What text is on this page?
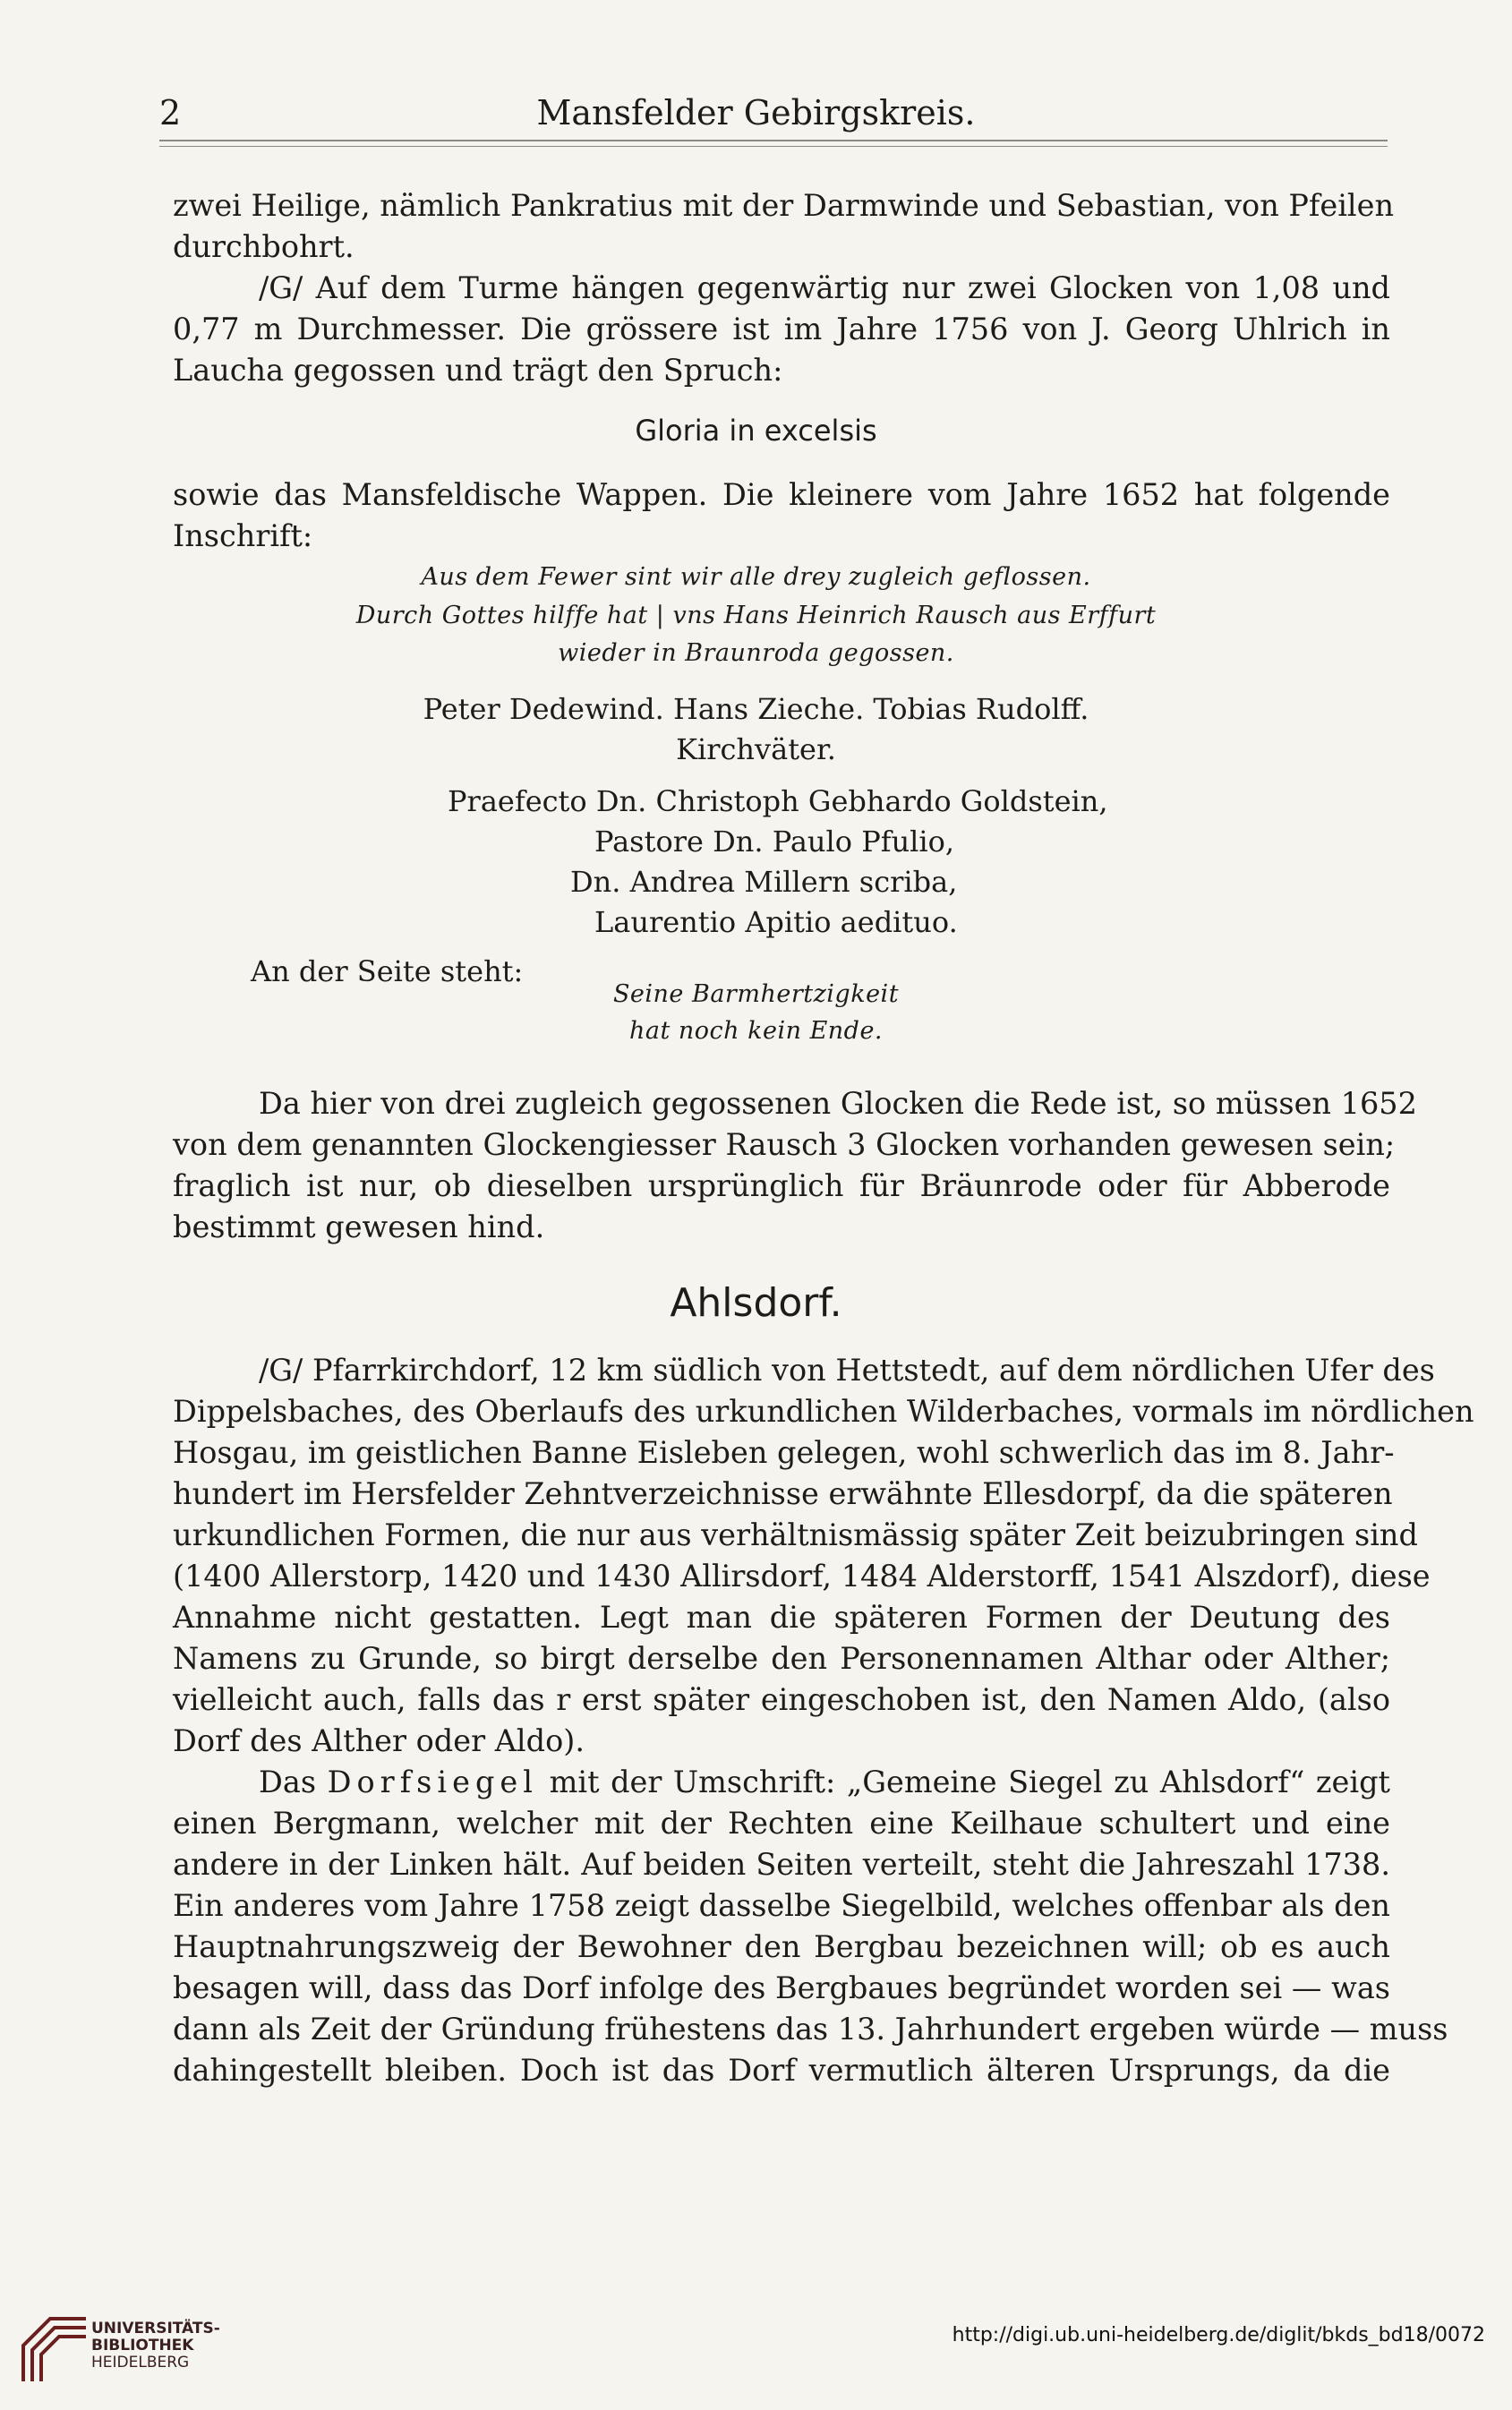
2	Mansfelder Gebirgskreis.
zwei Heilige, nämlich Pankratius mit der Darmwinde und Sebastian, von Pfeilen
durchbohrt.
/G/ Auf dem Turme hängen gegenwärtig nur zwei Glocken von 1,08 und
0,77 m Durchmesser. Die grössere ist im Jahre 1756 von J. Georg Uhlrich in
Laucha gegossen und trägt den Spruch:
Gloria in excelsis
sowie das Mansfeldische Wappen. Die kleinere vom Jahre 1652 hat folgende
Inschrift:
Aus dem Fewer sint wir alle drey zugleich geflossen.
Durch Gottes hilffe hat | vns Hans Heinrich Rausch aus Erffurt
wieder in Braunroda gegossen.
Peter Dedewind. Hans Zieche. Tobias Rudolff.
Kirchväter.
Praefecto Dn. Christoph Gebhardo Goldstein,
Pastore Dn. Paulo Pfulio,
Dn. Andrea Millern scriba,
Laurentio Apitio aedituo.
An der Seite steht:
Seine Barmhertzigkeit
hat noch kein Ende.
Da hier von drei zugleich gegossenen Glocken die Rede ist, so müssen 1652
von dem genannten Glockengiesser Rausch 3 Glocken vorhanden gewesen sein;
fraglich ist nur, ob dieselben ursprünglich für Bräunrode oder für Abberode
bestimmt gewesen hind.
Ahlsdorf.
/G/ Pfarrkirchdorf, 12 km südlich von Hettstedt, auf dem nördlichen Ufer des
Dippelsbaches, des Oberlaufs des urkundlichen Wilderbaches, vormals im nördlichen
Hosgau, im geistlichen Banne Eisleben gelegen, wohl schwerlich das im 8. Jahr-
hundert im Hersfelder Zehntverzeichnisse erwähnte Ellesdorpf, da die späteren
urkundlichen Formen, die nur aus verhältnismässig später Zeit beizubringen sind
(1400 Allerstorp, 1420 und 1430 Allirsdorf, 1484 Alderstorff, 1541 Alszdorf), diese
Annahme nicht gestatten. Legt man die späteren Formen der Deutung des
Namens zu Grunde, so birgt derselbe den Personennamen Althar oder Alther;
vielleicht auch, falls das r erst später eingeschoben ist, den Namen Aldo, (also
Dorf des Alther oder Aldo).
Das Dorfsiegel mit der Umschrift: „Gemeine Siegel zu Ahlsdorf“ zeigt
einen Bergmann, welcher mit der Rechten eine Keilhaue schultert und eine
andere in der Linken hält. Auf beiden Seiten verteilt, steht die Jahreszahl 1738.
Ein anderes vom Jahre 1758 zeigt dasselbe Siegelbild, welches offenbar als den
Hauptnahrungszweig der Bewohner den Bergbau bezeichnen will; ob es auch
besagen will, dass das Dorf infolge des Bergbaues begründet worden sei — was
dann als Zeit der Gründung frühestens das 13. Jahrhundert ergeben würde — muss
dahingestellt bleiben. Doch ist das Dorf vermutlich älteren Ursprungs, da die
UNIVERSITÄTS-
BIBLIOTHEK
HEIDELBERG
http://digi.ub.uni-heidelberg.de/diglit/bkds_bd18/0072
